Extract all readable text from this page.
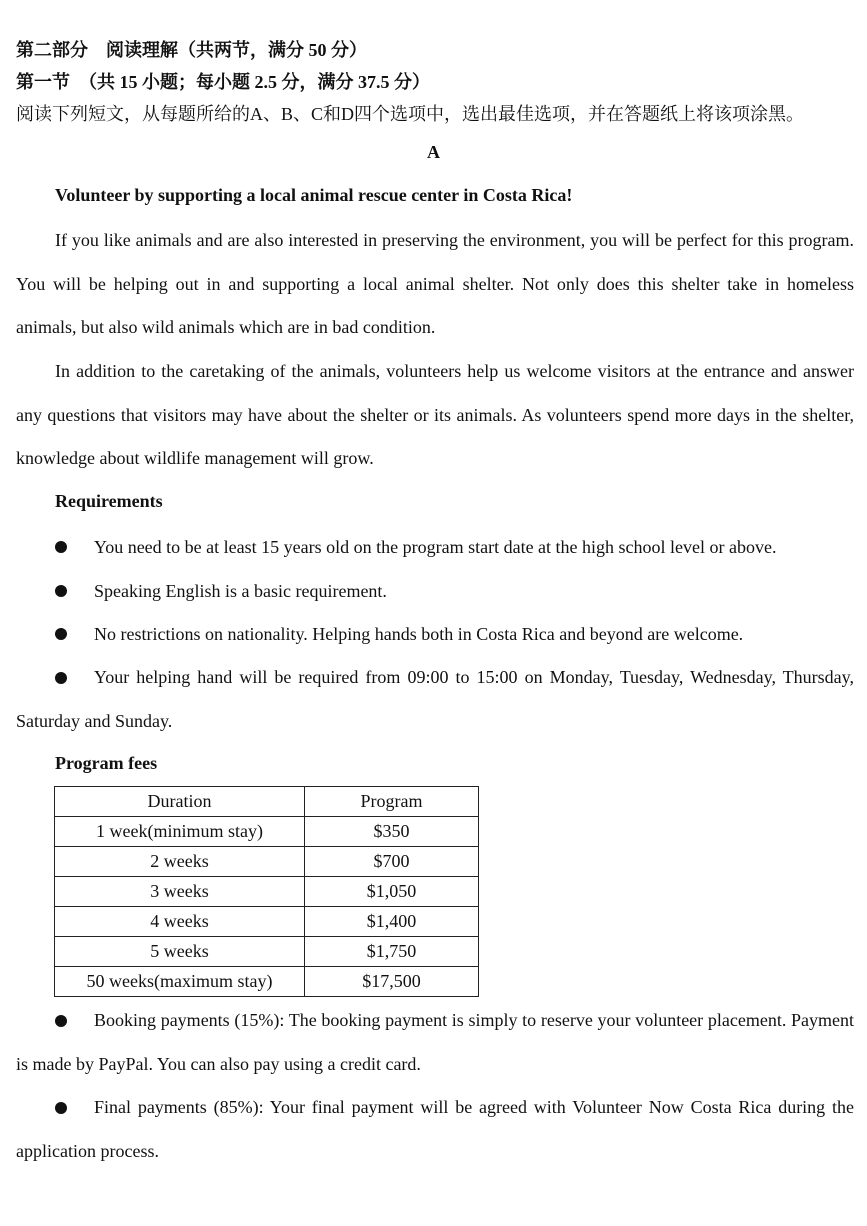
第二部分　阅读理解（共两节，满分 50 分）
第一节　（共 15 小题；每小题 2.5 分，满分 37.5 分）
阅读下列短文，从每题所给的A、B、C和D四个选项中，选出最佳选项，并在答题纸上将该项涂黑。
A
Volunteer by supporting a local animal rescue center in Costa Rica!
If you like animals and are also interested in preserving the environment, you will be perfect for this program. You will be helping out in and supporting a local animal shelter. Not only does this shelter take in homeless animals, but also wild animals which are in bad condition.
In addition to the caretaking of the animals, volunteers help us welcome visitors at the entrance and answer any questions that visitors may have about the shelter or its animals. As volunteers spend more days in the shelter, knowledge about wildlife management will grow.
Requirements
You need to be at least 15 years old on the program start date at the high school level or above.
Speaking English is a basic requirement.
No restrictions on nationality. Helping hands both in Costa Rica and beyond are welcome.
Your helping hand will be required from 09:00 to 15:00 on Monday, Tuesday, Wednesday, Thursday, Saturday and Sunday.
Program fees
Duration	Program
1 week(minimum stay)	$350
2 weeks	$700
3 weeks	$1,050
4 weeks	$1,400
5 weeks	$1,750
50 weeks(maximum stay)	$17,500
Booking payments (15%): The booking payment is simply to reserve your volunteer placement. Payment is made by PayPal. You can also pay using a credit card.
Final payments (85%): Your final payment will be agreed with Volunteer Now Costa Rica during the application process.
